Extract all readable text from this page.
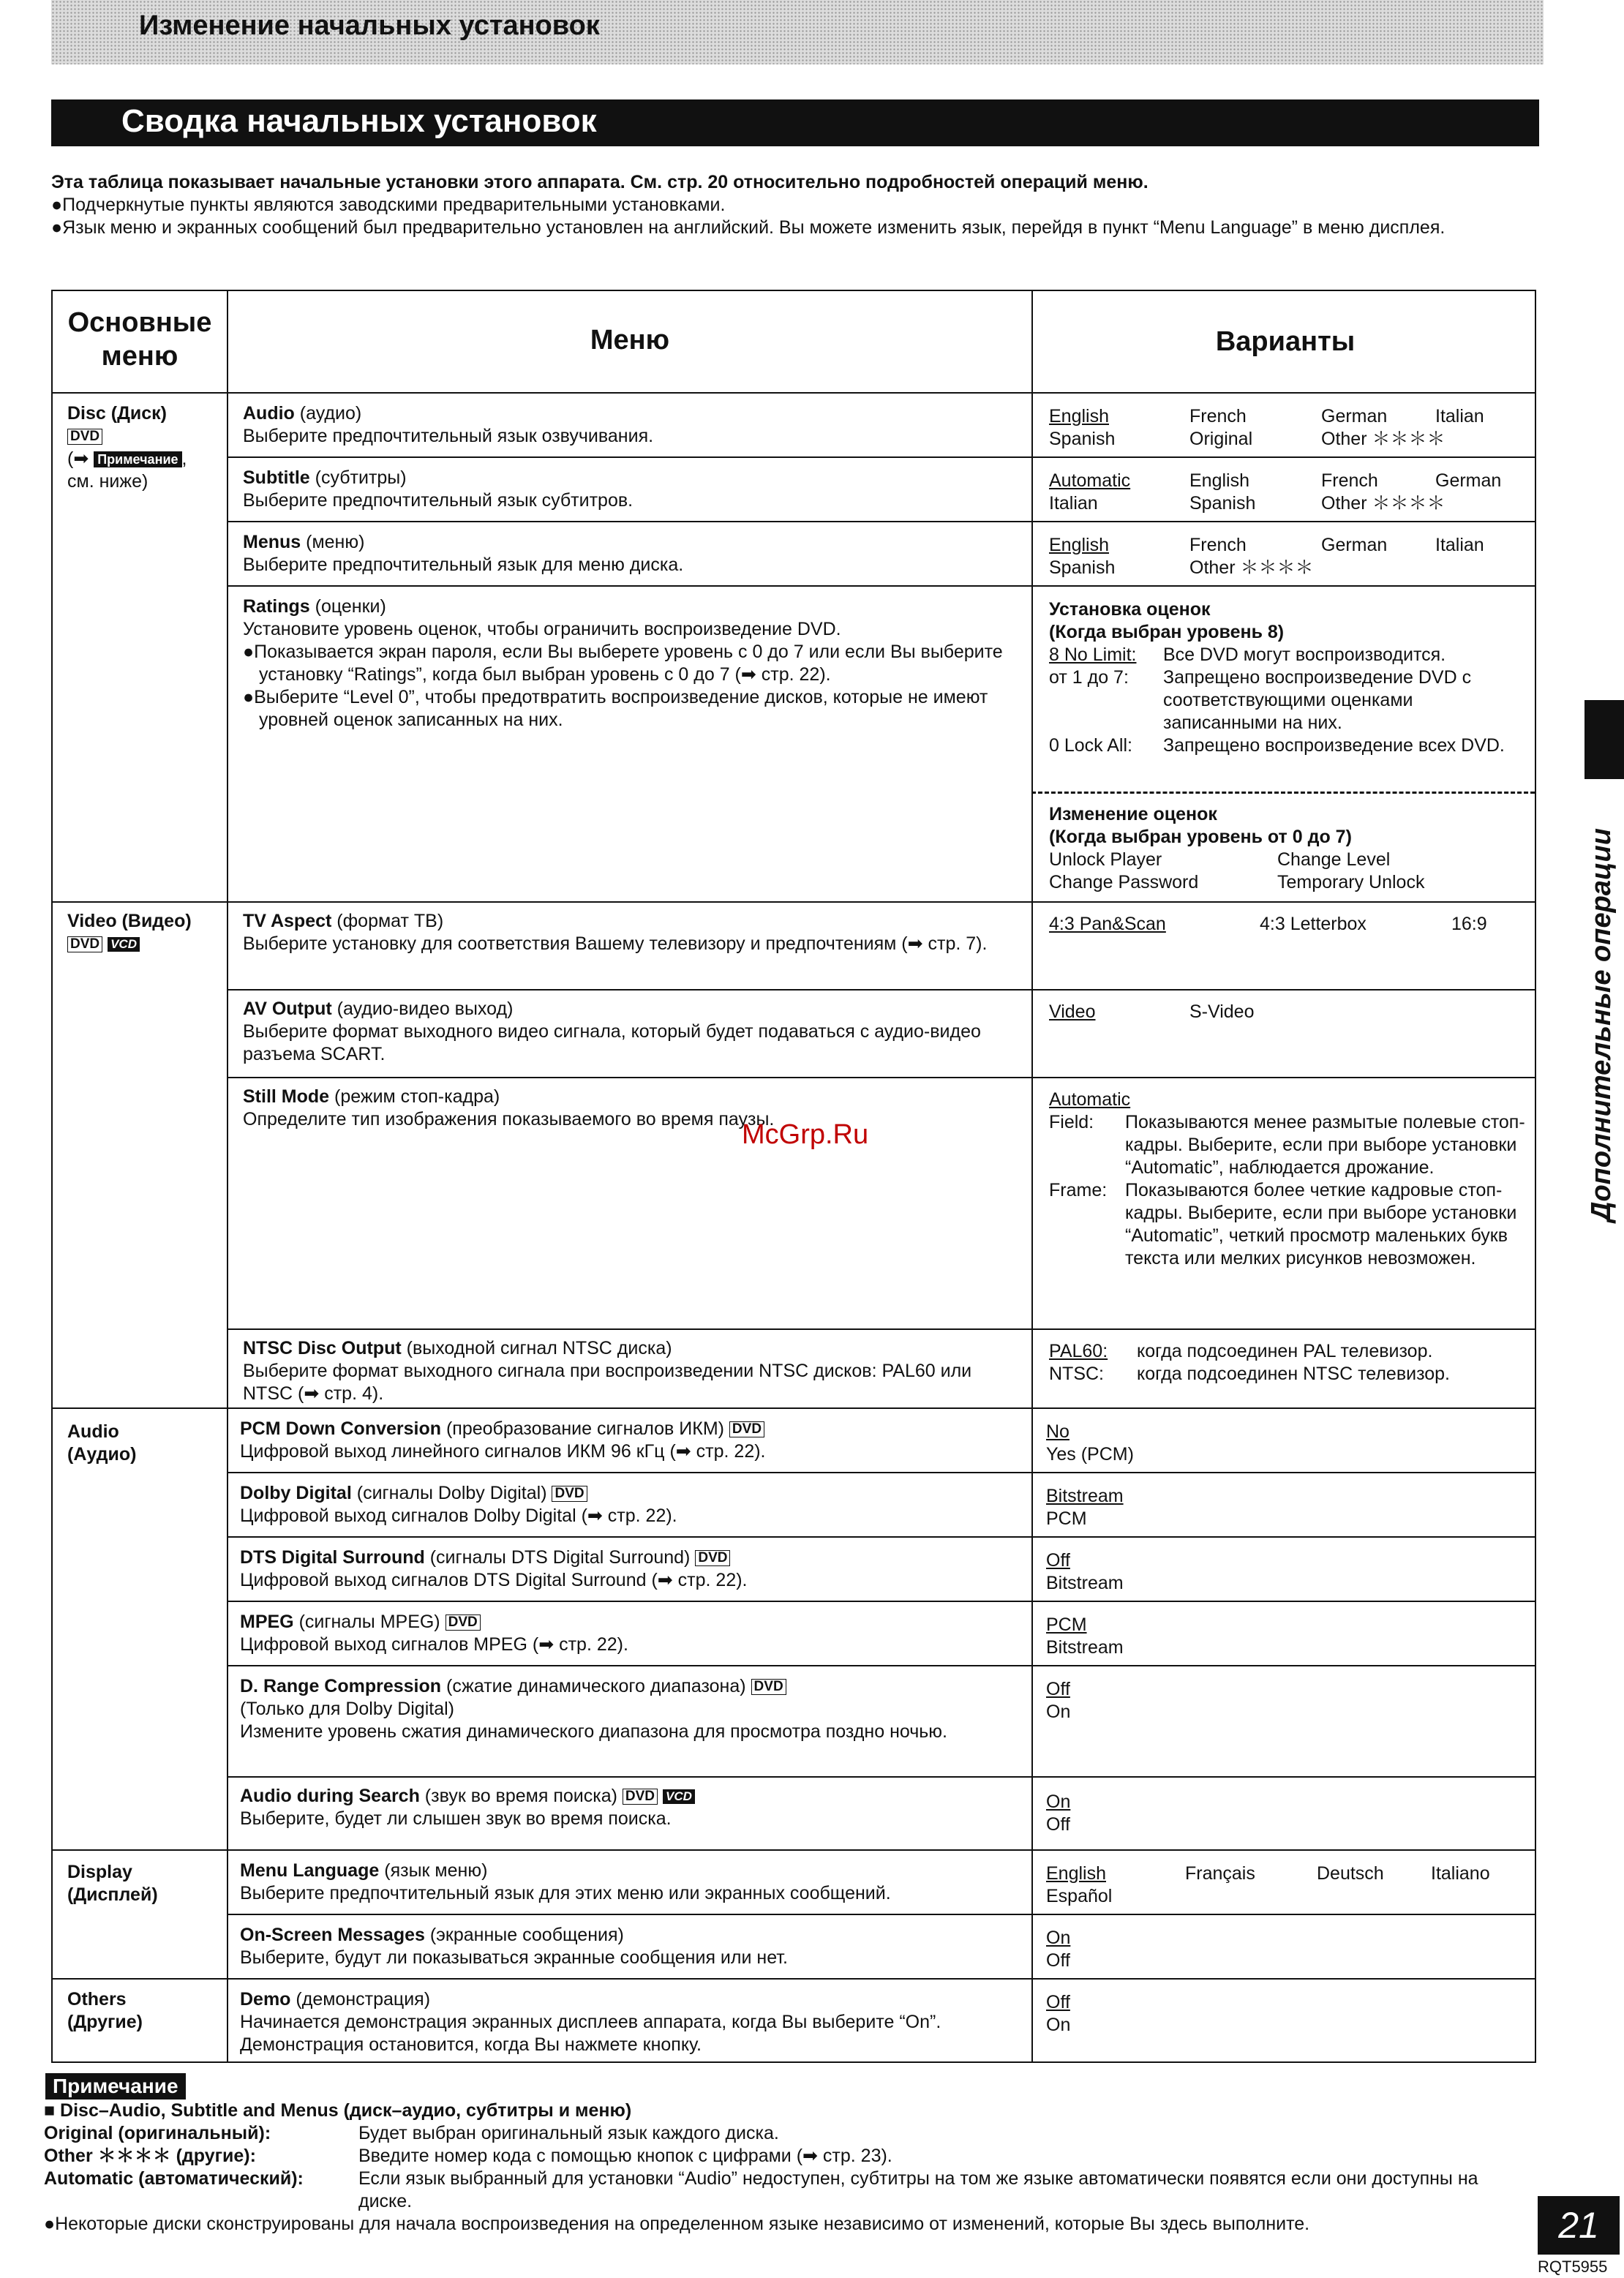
Изменение начальных установок
Сводка начальных установок

Эта таблица показывает начальные установки этого аппарата. См. стр. 20 относительно подробностей операций меню.

●Подчеркнутые пункты являются заводскими предварительными установками.

●Язык меню и экранных сообщений был предварительно установлен на английский. Вы можете изменить язык, перейдя в пункт “Menu Language” в меню дисплея.

Основные меню
Меню	Варианты
Disc (Диск)
DVD
(➡ Примечание ,
см. ниже)
Audio (аудио)
Выберите предпочтительный язык озвучивания.
English	French	German	Italian
Spanish	Original	Other ＊＊＊＊
Subtitle (субтитры)
Выберите предпочтительный язык субтитров.
Automatic	English	French	German
Italian	Spanish	Other ＊＊＊＊
Menus (меню)
Выберите предпочтительный язык для меню диска.
English	French	German	Italian
Spanish	Other ＊＊＊＊
Ratings (оценки)
Установите уровень оценок, чтобы ограничить воспроизведение DVD.

●Показывается экран пароля, если Вы выберете уровень с 0 до 7 или если Вы выберите установку “Ratings”, когда был выбран уровень с 0 до 7 (➡ стр. 22).

●Выберите “Level 0”, чтобы предотвратить воспроизведение дисков, которые не имеют уровней оценок записанных на них.

Установка оценок
(Когда выбран уровень 8)
8 No Limit:	Все DVD могут воспроизводится.
от 1 до 7:	Запрещено воспроизведение DVD с соответствующими оценками записанными на них.
0 Lock All:	Запрещено воспроизведение всех DVD.
Изменение оценок
(Когда выбран уровень от 0 до 7)
Unlock Player	Change Level
Change Password	Temporary Unlock
Video (Видео)
DVD VCD
TV Aspect (формат ТВ)
Выберите установку для соответствия Вашему телевизору и предпочтениям (➡ стр. 7).
4:3 Pan&Scan	4:3 Letterbox	16:9
AV Output (аудио-видео выход)
Выберите формат выходного видео сигнала, который будет подаваться с аудио-видео разъема SCART.
Video	S-Video
Still Mode (режим стоп-кадра)
Определите тип изображения показываемого во время паузы.
Automatic
Field:	Показываются менее размытые полевые стоп-кадры. Выберите, если при выборе установки “Automatic”, наблюдается дрожание.
Frame: Показываются более четкие кадровые стоп-кадры. Выберите, если при выборе установки “Automatic”, четкий просмотр маленьких букв текста или мелких рисунков невозможен.
NTSC Disc Output (выходной сигнал NTSC диска)
Выберите формат выходного сигнала при воспроизведении NTSC дисков: PAL60 или NTSC (➡ стр. 4).
PAL60:	когда подсоединен PAL телевизор.
NTSC:	когда подсоединен NTSC телевизор.
Audio
(Аудио)
PCM Down Conversion (преобразование сигналов ИКМ) DVD
Цифровой выход линейного сигналов ИКМ 96 кГц (➡ стр. 22).
No
Yes (PCM)
Dolby Digital (сигналы Dolby Digital) DVD
Цифровой выход сигналов Dolby Digital (➡ стр. 22).
Bitstream
PCM
DTS Digital Surround (сигналы DTS Digital Surround) DVD
Цифровой выход сигналов DTS Digital Surround (➡ стр. 22).
Off
Bitstream
MPEG (сигналы MPEG) DVD
Цифровой выход сигналов MPEG (➡ стр. 22).
PCM
Bitstream
D. Range Compression (сжатие динамического диапазона) DVD
(Только для Dolby Digital)
Измените уровень сжатия динамического диапазона для просмотра поздно ночью.
Off
On
Audio during Search (звук во время поиска) DVD VCD
Выберите, будет ли слышен звук во время поиска.
On
Off
Display
(Дисплей)
Menu Language (язык меню)
Выберите предпочтительный язык для этих меню или экранных сообщений.
English	Français	Deutsch	Italiano
Español
On-Screen Messages (экранные сообщения)
Выберите, будут ли показываться экранные сообщения или нет.
On
Off
Others
(Другие)
Demo (демонстрация)
Начинается демонстрация экранных дисплеев аппарата, когда Вы выберите “On”. Демонстрация остановится, когда Вы нажмете кнопку.
Off
On
Дополнительные операции
McGrp.Ru
Примечание

■ Disc–Audio, Subtitle and Menus (диск–аудио, субтитры и меню)

Original (оригинальный):	Будет выбран оригинальный язык каждого диска.
Other ＊＊＊＊ (другие):	Введите номер кода с помощью кнопок с цифрами (➡ стр. 23).
Automatic (автоматический):	Если язык выбранный для установки “Audio” недоступен, субтитры на том же языке автоматически появятся если они доступны на диске.

●Некоторые диски сконструированы для начала воспроизведения на определенном языке независимо от изменений, которые Вы здесь выполните.	21
RQT5955
